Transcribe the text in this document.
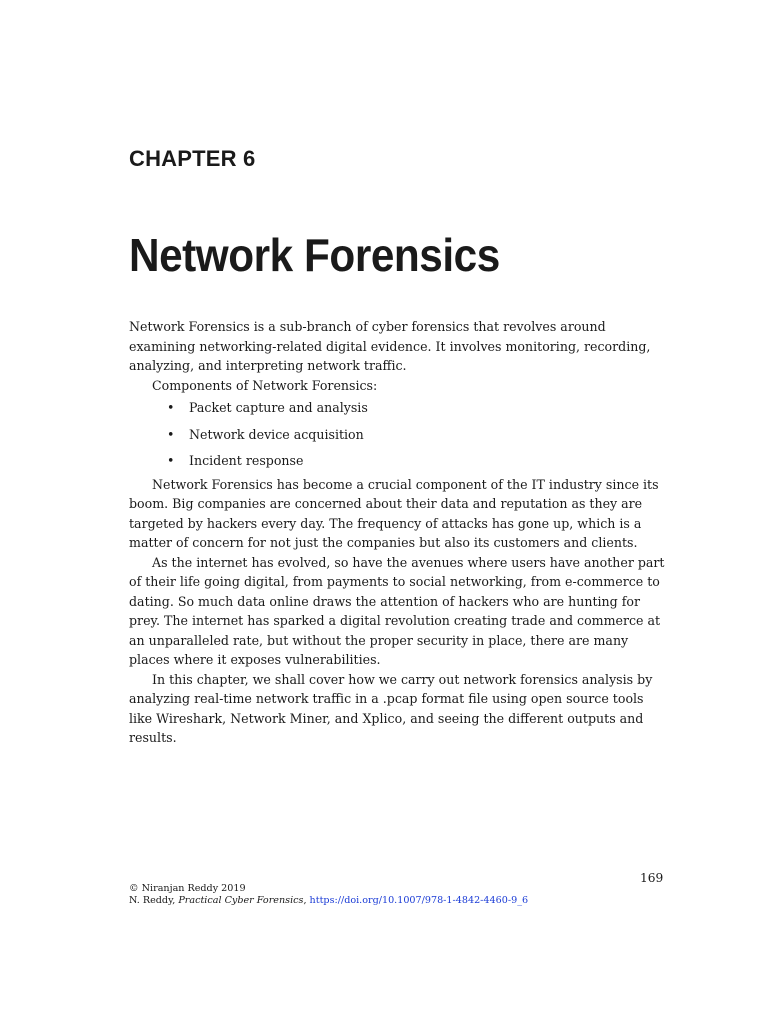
CHAPTER 6
Network Forensics

Network Forensics is a sub-branch of cyber forensics that revolves around examining networking-related digital evidence. It involves monitoring, recording, analyzing, and interpreting network traffic.

Components of Network Forensics:

• Packet capture and analysis
• Network device acquisition
• Incident response

Network Forensics has become a crucial component of the IT industry since its boom. Big companies are concerned about their data and reputation as they are targeted by hackers every day. The frequency of attacks has gone up, which is a matter of concern for not just the companies but also its customers and clients.

As the internet has evolved, so have the avenues where users have another part of their life going digital, from payments to social networking, from e-commerce to dating. So much data online draws the attention of hackers who are hunting for prey. The internet has sparked a digital revolution creating trade and commerce at an unparalleled rate, but without the proper security in place, there are many places where it exposes vulnerabilities.

In this chapter, we shall cover how we carry out network forensics analysis by analyzing real-time network traffic in a .pcap format file using open source tools like Wireshark, Network Miner, and Xplico, and seeing the different outputs and results.

169
© Niranjan Reddy 2019
N. Reddy, Practical Cyber Forensics, https://doi.org/10.1007/978-1-4842-4460-9_6
